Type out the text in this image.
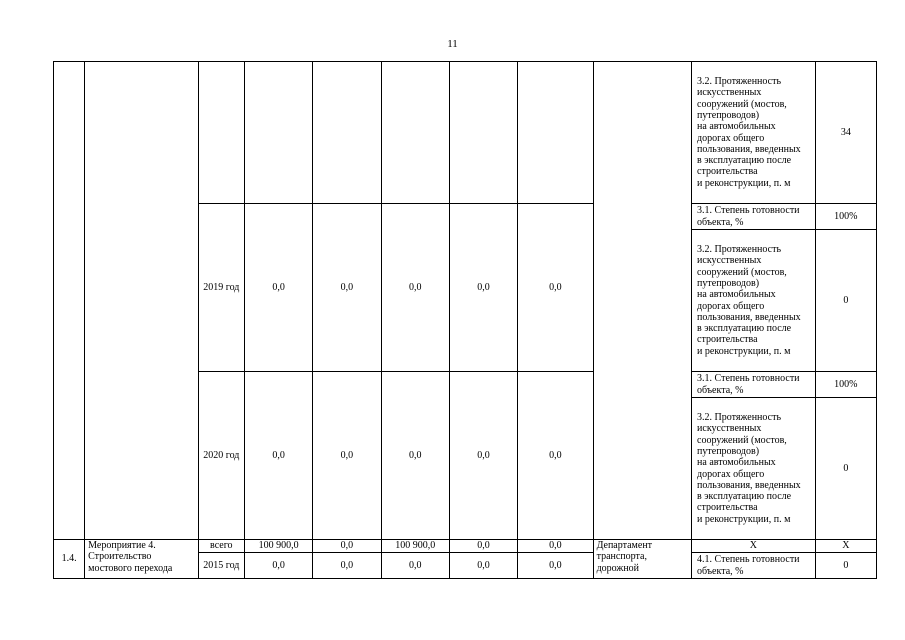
11
									3.2. Протяженность искусственных сооружений (мостов, путепроводов)
на автомобильных дорогах общего пользования, введенных
в эксплуатацию после строительства
и реконструкции, п. м	34
		2019 год	0,0	0,0	0,0	0,0	0,0		3.1. Степень готовности объекта, %	100%
									3.2. Протяженность искусственных сооружений (мостов, путепроводов)
на автомобильных дорогах общего пользования, введенных
в эксплуатацию после строительства
и реконструкции, п. м	0
		2020 год	0,0	0,0	0,0	0,0	0,0		3.1. Степень готовности объекта, %	100%
									3.2. Протяженность искусственных сооружений (мостов, путепроводов)
на автомобильных дорогах общего пользования, введенных
в эксплуатацию после строительства
и реконструкции, п. м	0
1.4.	Мероприятие 4. Строительство мостового перехода	всего	100 900,0	0,0	100 900,0	0,0	0,0	Департамент транспорта, дорожной	Х	Х
		2015 год	0,0	0,0	0,0	0,0	0,0		4.1. Степень готовности объекта, %	0
